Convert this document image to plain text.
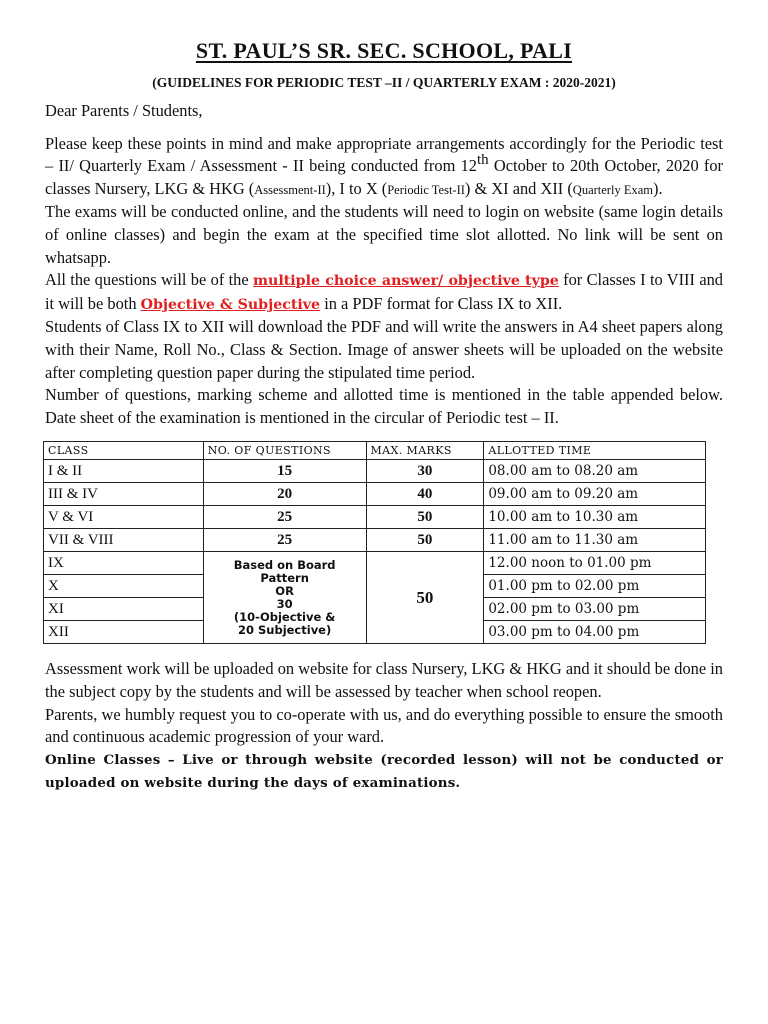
ST. PAUL’S SR. SEC. SCHOOL, PALI
(GUIDELINES FOR PERIODIC TEST –II / QUARTERLY EXAM : 2020-2021)

Dear Parents / Students,

Please keep these points in mind and make appropriate arrangements accordingly for the Periodic test – II/ Quarterly Exam / Assessment - II being conducted from 12th October to 20th October, 2020 for classes Nursery, LKG & HKG (Assessment-II), I to X (Periodic Test-II) & XI and XII (Quarterly Exam).

The exams will be conducted online, and the students will need to login on website (same login details of online classes) and begin the exam at the specified time slot allotted. No link will be sent on whatsapp.

All the questions will be of the multiple choice answer/ objective type for Classes I to VIII and it will be both Objective & Subjective in a PDF format for Class IX to XII.

Students of Class IX to XII will download the PDF and will write the answers in A4 sheet papers along with their Name, Roll No., Class & Section. Image of answer sheets will be uploaded on the website after completing question paper during the stipulated time period.

Number of questions, marking scheme and allotted time is mentioned in the table appended below. Date sheet of the examination is mentioned in the circular of Periodic test – II.

CLASS	NO. OF QUESTIONS	MAX. MARKS	ALLOTTED TIME
I & II	15	30	08.00 am to 08.20 am
III & IV	20	40	09.00 am to 09.20 am
V & VI	25	50	10.00 am to 10.30 am
VII & VIII	25	50	11.00 am to 11.30 am
IX	Based on Board Pattern
OR
30
(10-Objective &
20 Subjective)	50	12.00 noon to 01.00 pm
X			01.00 pm to 02.00 pm
XI			02.00 pm to 03.00 pm
XII			03.00 pm to 04.00 pm

Assessment work will be uploaded on website for class Nursery, LKG & HKG and it should be done in the subject copy by the students and will be assessed by teacher when school reopen.

Parents, we humbly request you to co-operate with us, and do everything possible to ensure the smooth and continuous academic progression of your ward.

Online Classes – Live or through website (recorded lesson) will not be conducted or uploaded on website during the days of examinations.
